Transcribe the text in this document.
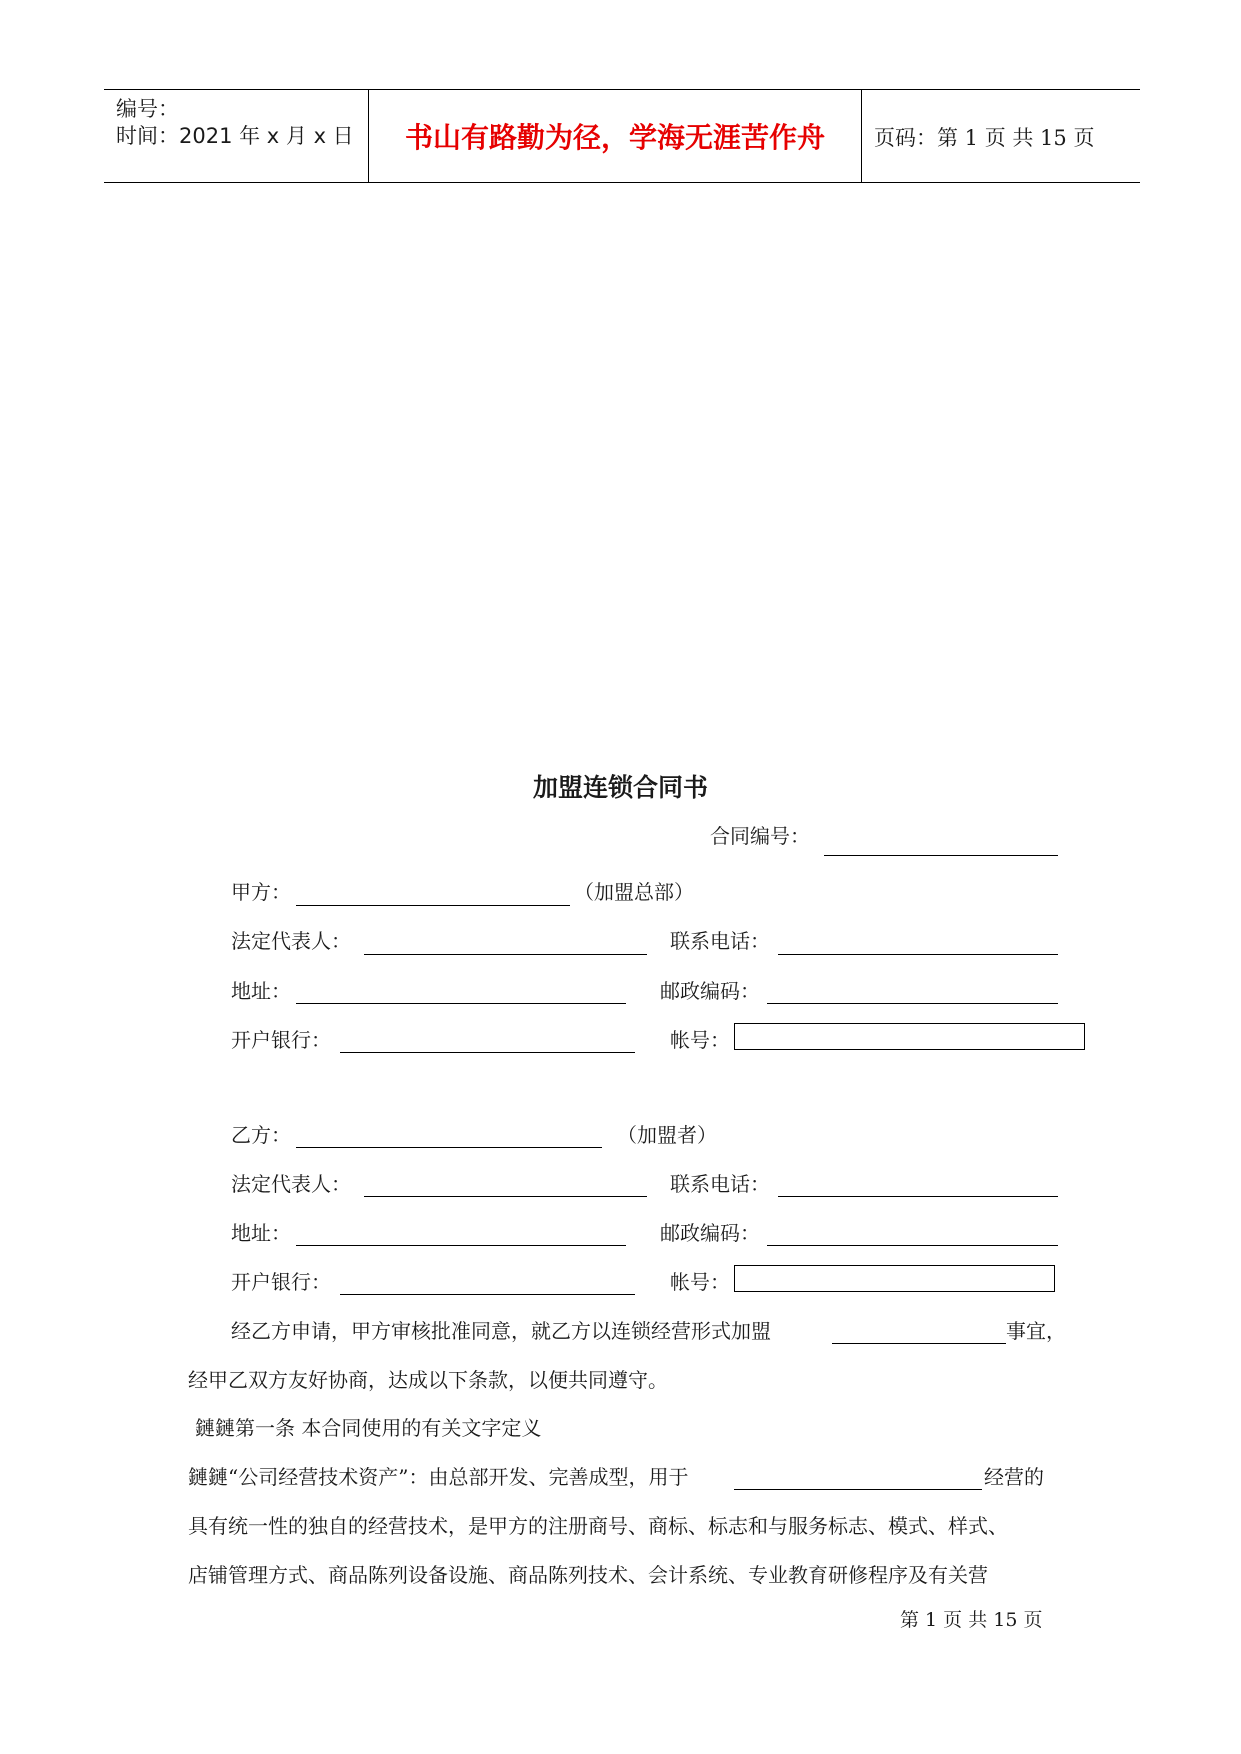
编号：
时间：2021 年 x 月 x 日	书山有路勤为径，学海无涯苦作舟	页码：第 1 页 共 15 页
加盟连锁合同书
合同编号：
甲方：	（加盟总部）
法定代表人：	联系电话：
地址：	邮政编码：
开户银行：	帐号：
乙方：	（加盟者）
法定代表人：	联系电话：
地址：	邮政编码：
开户银行：	帐号：
经乙方申请，甲方审核批准同意，就乙方以连锁经营形式加盟	事宜，
经甲乙双方友好协商，达成以下条款，以便共同遵守。
鏈鏈第一条 本合同使用的有关文字定义
鏈鏈“公司经营技术资产”：由总部开发、完善成型，用于	经营的
具有统一性的独自的经营技术，是甲方的注册商号、商标、标志和与服务标志、模式、样式、
店铺管理方式、商品陈列设备设施、商品陈列技术、会计系统、专业教育研修程序及有关营
第 1 页 共 15 页
